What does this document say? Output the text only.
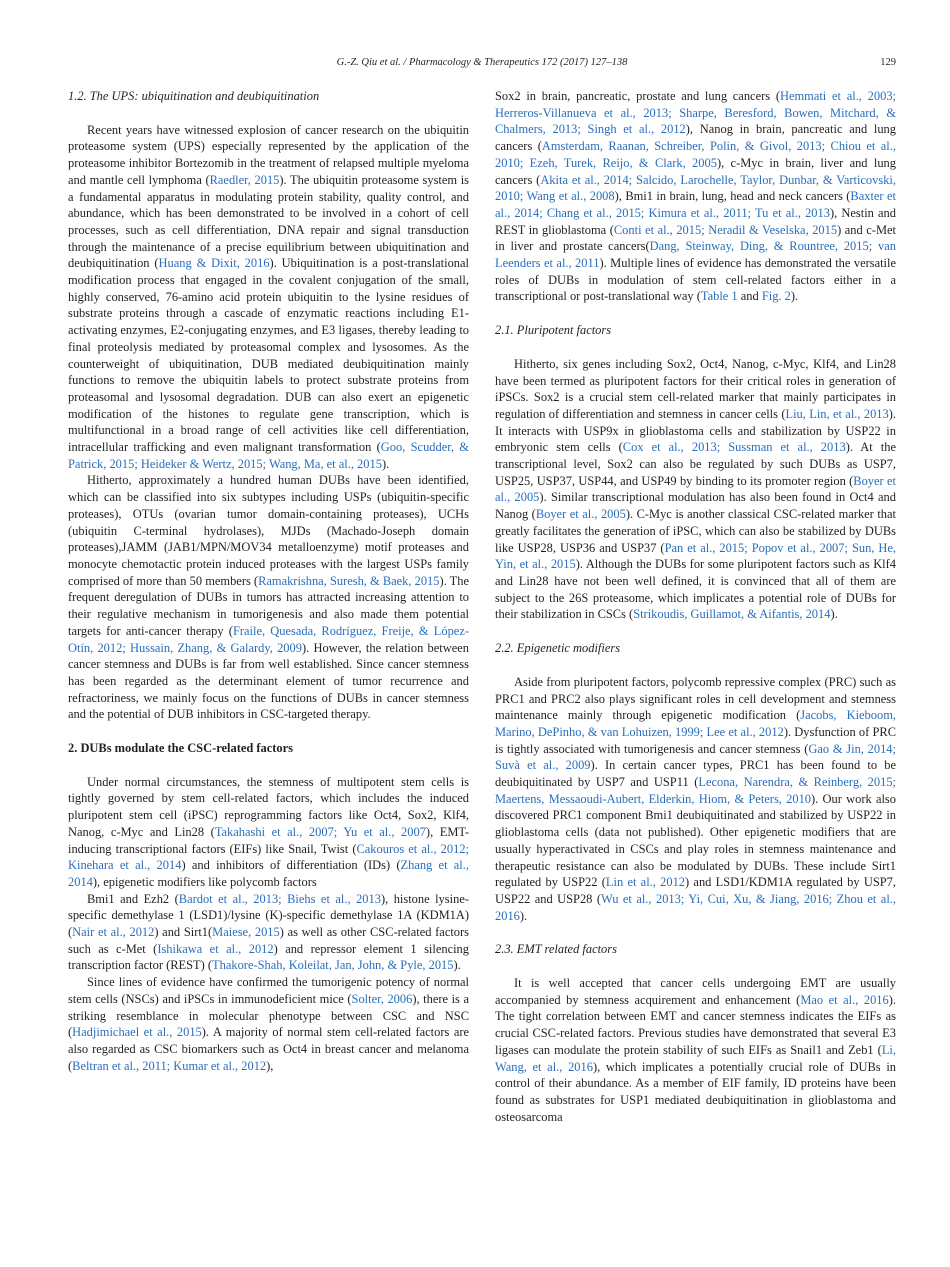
G.-Z. Qiu et al. / Pharmacology & Therapeutics 172 (2017) 127–138	129
1.2. The UPS: ubiquitination and deubiquitination

Recent years have witnessed explosion of cancer research on the ubiquitin proteasome system (UPS) especially represented by the application of the proteasome inhibitor Bortezomib in the treatment of relapsed multiple myeloma and mantle cell lymphoma (Raedler, 2015). The ubiquitin proteasome system is a fundamental apparatus in modulating protein stability, quality control, and abundance, which has been demonstrated to be involved in a cohort of cell processes, such as cell differentiation, DNA repair and signal transduction through the maintenance of a precise equilibrium between ubiquitination and deubiquitination (Huang & Dixit, 2016). Ubiquitination is a post-translational modification process that engaged in the covalent conjugation of the small, highly conserved, 76-amino acid protein ubiquitin to the lysine residues of substrate proteins through a cascade of enzymatic reactions including E1-activating enzymes, E2-conjugating enzymes, and E3 ligases, thereby leading to final proteolysis mediated by proteasomal complex and lysosomes. As the counterweight of ubiquitination, DUB mediated deubiquitination mainly functions to remove the ubiquitin labels to protect substrate proteins from proteasomal and lysosomal degradation. DUB can also exert an epigenetic modification of the histones to regulate gene transcription, which is multifunctional in a broad range of cell activities like cell differentiation, intracellular trafficking and even malignant transformation (Goo, Scudder, & Patrick, 2015; Heideker & Wertz, 2015; Wang, Ma, et al., 2015).

Hitherto, approximately a hundred human DUBs have been identified, which can be classified into six subtypes including USPs (ubiquitin-specific proteases), OTUs (ovarian tumor domain-containing proteases), UCHs (ubiquitin C-terminal hydrolases), MJDs (Machado-Joseph domain proteases),JAMM (JAB1/MPN/MOV34 metalloenzyme) motif proteases and monocyte chemotactic protein induced proteases with the largest USPs family comprised of more than 50 members (Ramakrishna, Suresh, & Baek, 2015). The frequent deregulation of DUBs in tumors has attracted increasing attention to their regulative mechanism in tumorigenesis and also made them potential targets for anti-cancer therapy (Fraile, Quesada, Rodríguez, Freije, & López-Otín, 2012; Hussain, Zhang, & Galardy, 2009). However, the relation between cancer stemness and DUBs is far from well established. Since cancer stemness has been regarded as the determinant element of tumor recurrence and refractoriness, we mainly focus on the functions of DUBs in cancer stemness and the potential of DUB inhibitors in CSC-targeted therapy.

2. DUBs modulate the CSC-related factors

Under normal circumstances, the stemness of multipotent stem cells is tightly governed by stem cell-related factors, which includes the induced pluripotent stem cell (iPSC) reprogramming factors like Oct4, Sox2, Klf4, Nanog, c-Myc and Lin28 (Takahashi et al., 2007; Yu et al., 2007), EMT-inducing transcriptional factors (EIFs) like Snail, Twist (Cakouros et al., 2012; Kinehara et al., 2014) and inhibitors of differentiation (IDs) (Zhang et al., 2014), epigenetic modifiers like polycomb factors

Bmi1 and Ezh2 (Bardot et al., 2013; Biehs et al., 2013), histone lysine-specific demethylase 1 (LSD1)/lysine (K)-specific demethylase 1A (KDM1A) (Nair et al., 2012) and Sirt1(Maiese, 2015) as well as other CSC-related factors such as c-Met (Ishikawa et al., 2012) and repressor element 1 silencing transcription factor (REST) (Thakore-Shah, Koleilat, Jan, John, & Pyle, 2015).

Since lines of evidence have confirmed the tumorigenic potency of normal stem cells (NSCs) and iPSCs in immunodeficient mice (Solter, 2006), there is a striking resemblance in molecular phenotype between CSC and NSC (Hadjimichael et al., 2015). A majority of normal stem cell-related factors are also regarded as CSC biomarkers such as Oct4 in breast cancer and melanoma (Beltran et al., 2011; Kumar et al., 2012),

Sox2 in brain, pancreatic, prostate and lung cancers (Hemmati et al., 2003; Herreros-Villanueva et al., 2013; Sharpe, Beresford, Bowen, Mitchard, & Chalmers, 2013; Singh et al., 2012), Nanog in brain, pancreatic and lung cancers (Amsterdam, Raanan, Schreiber, Polin, & Givol, 2013; Chiou et al., 2010; Ezeh, Turek, Reijo, & Clark, 2005), c-Myc in brain, liver and lung cancers (Akita et al., 2014; Salcido, Larochelle, Taylor, Dunbar, & Varticovski, 2010; Wang et al., 2008), Bmi1 in brain, lung, head and neck cancers (Baxter et al., 2014; Chang et al., 2015; Kimura et al., 2011; Tu et al., 2013), Nestin and REST in glioblastoma (Conti et al., 2015; Neradil & Veselska, 2015) and c-Met in liver and prostate cancers(Dang, Steinway, Ding, & Rountree, 2015; van Leenders et al., 2011). Multiple lines of evidence has demonstrated the versatile roles of DUBs in modulation of stem cell-related factors either in a transcriptional or post-translational way (Table 1 and Fig. 2).

2.1. Pluripotent factors

Hitherto, six genes including Sox2, Oct4, Nanog, c-Myc, Klf4, and Lin28 have been termed as pluripotent factors for their critical roles in generation of iPSCs. Sox2 is a crucial stem cell-related marker that mainly participates in regulation of differentiation and stemness in cancer cells (Liu, Lin, et al., 2013). It interacts with USP9x in glioblastoma cells and stabilization by USP22 in embryonic stem cells (Cox et al., 2013; Sussman et al., 2013). At the transcriptional level, Sox2 can also be regulated by such DUBs as USP7, USP25, USP37, USP44, and USP49 by binding to its promoter region (Boyer et al., 2005). Similar transcriptional modulation has also been found in Oct4 and Nanog (Boyer et al., 2005). C-Myc is another classical CSC-related marker that greatly facilitates the generation of iPSC, which can also be stabilized by DUBs like USP28, USP36 and USP37 (Pan et al., 2015; Popov et al., 2007; Sun, He, Yin, et al., 2015). Although the DUBs for some pluripotent factors such as Klf4 and Lin28 have not been well defined, it is convinced that all of them are subject to the 26S proteasome, which implicates a potential role of DUBs for their stabilization in CSCs (Strikoudis, Guillamot, & Aifantis, 2014).

2.2. Epigenetic modifiers

Aside from pluripotent factors, polycomb repressive complex (PRC) such as PRC1 and PRC2 also plays significant roles in cell development and stemness maintenance mainly through epigenetic modification (Jacobs, Kieboom, Marino, DePinho, & van Lohuizen, 1999; Lee et al., 2012). Dysfunction of PRC is tightly associated with tumorigenesis and cancer stemness (Gao & Jin, 2014; Suvà et al., 2009). In certain cancer types, PRC1 has been found to be deubiquitinated by USP7 and USP11 (Lecona, Narendra, & Reinberg, 2015; Maertens, Messaoudi-Aubert, Elderkin, Hiom, & Peters, 2010). Our work also discovered PRC1 component Bmi1 deubiquitinated and stabilized by USP22 in glioblastoma cells (data not published). Other epigenetic modifiers that are usually hyperactivated in CSCs and play roles in stemness maintenance and therapeutic resistance can also be modulated by DUBs. These include Sirt1 regulated by USP22 (Lin et al., 2012) and LSD1/KDM1A regulated by USP7, USP22 and USP28 (Wu et al., 2013; Yi, Cui, Xu, & Jiang, 2016; Zhou et al., 2016).

2.3. EMT related factors

It is well accepted that cancer cells undergoing EMT are usually accompanied by stemness acquirement and enhancement (Mao et al., 2016). The tight correlation between EMT and cancer stemness indicates the EIFs as crucial CSC-related factors. Previous studies have demonstrated that several E3 ligases can modulate the protein stability of such EIFs as Snail1 and Zeb1 (Li, Wang, et al., 2016), which implicates a potentially crucial role of DUBs in control of their abundance. As a member of EIF family, ID proteins have been found as substrates for USP1 mediated deubiquitination in glioblastoma and osteosarcoma
